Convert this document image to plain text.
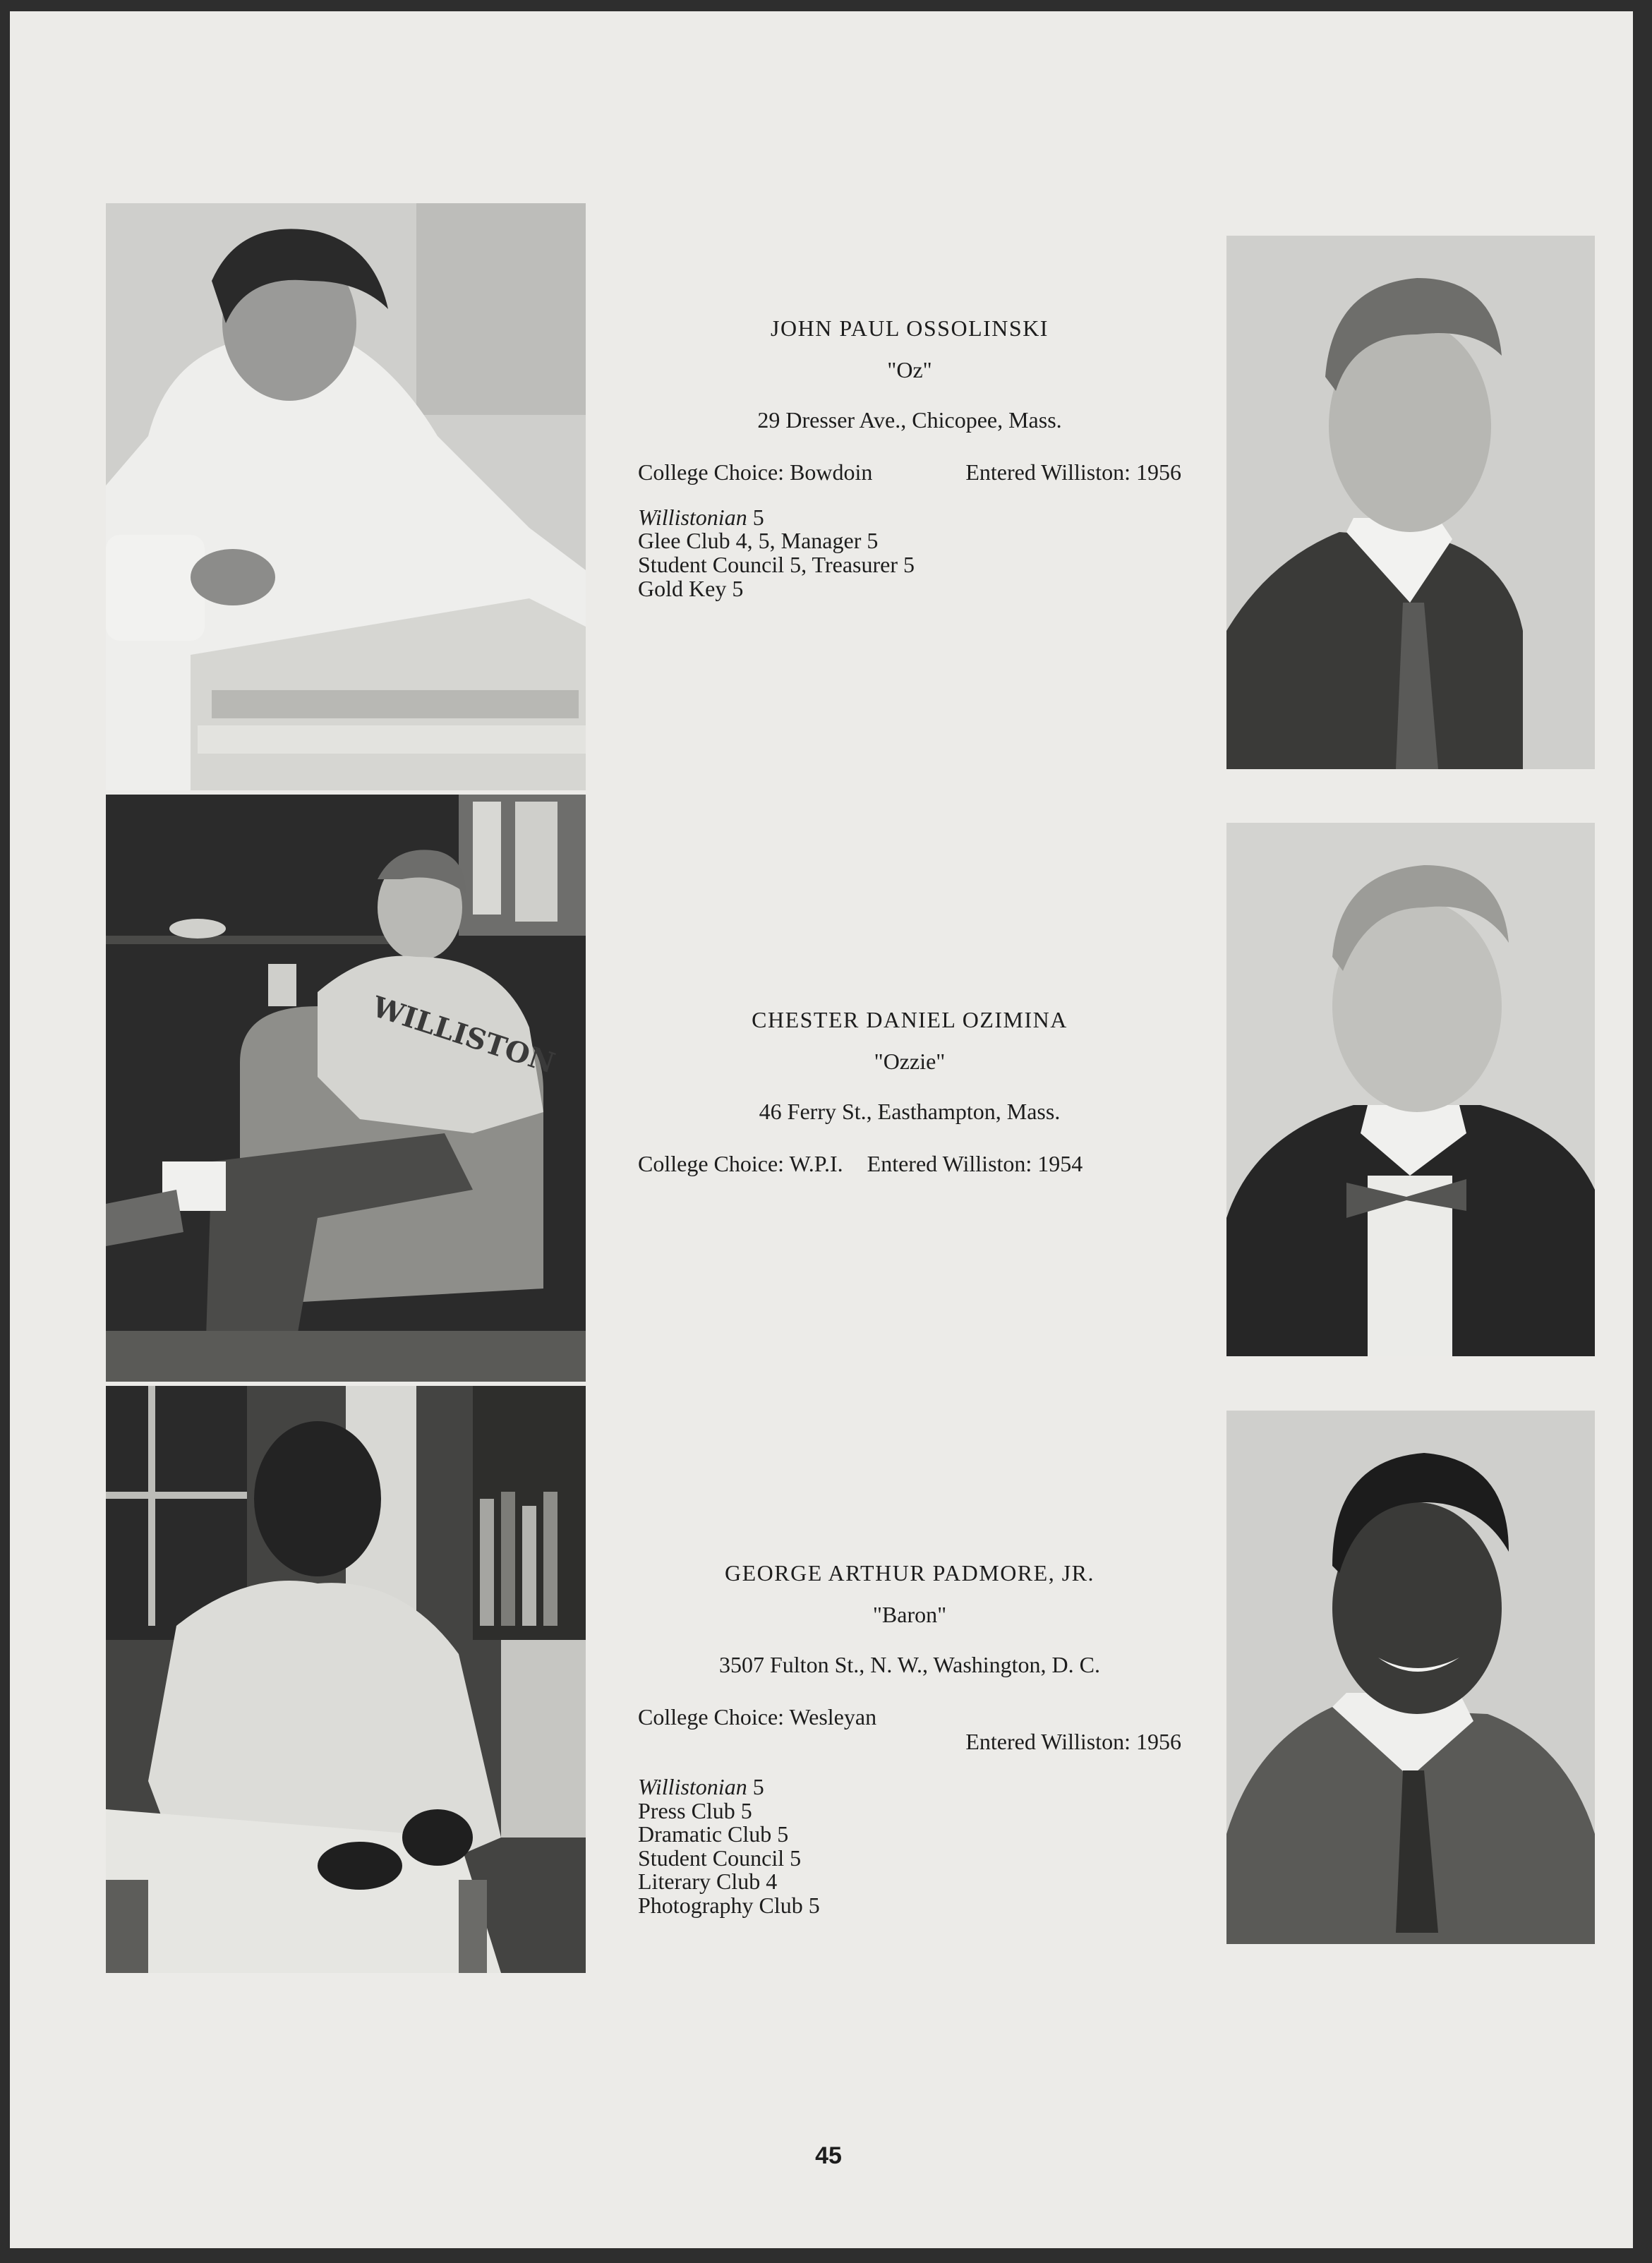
WILLISTON
JOHN PAUL OSSOLINSKI
"Oz"
29 Dresser Ave., Chicopee, Mass.
College Choice: Bowdoin	Entered Williston: 1956
Willistonian 5
Glee Club 4, 5, Manager 5
Student Council 5, Treasurer 5
Gold Key 5
CHESTER DANIEL OZIMINA
"Ozzie"
46 Ferry St., Easthampton, Mass.
College Choice: W.P.I. Entered Williston: 1954
GEORGE ARTHUR PADMORE, JR.
"Baron"
3507 Fulton St., N. W., Washington, D. C.
College Choice: Wesleyan
Entered Williston: 1956
Willistonian 5
Press Club 5
Dramatic Club 5
Student Council 5
Literary Club 4
Photography Club 5
45
